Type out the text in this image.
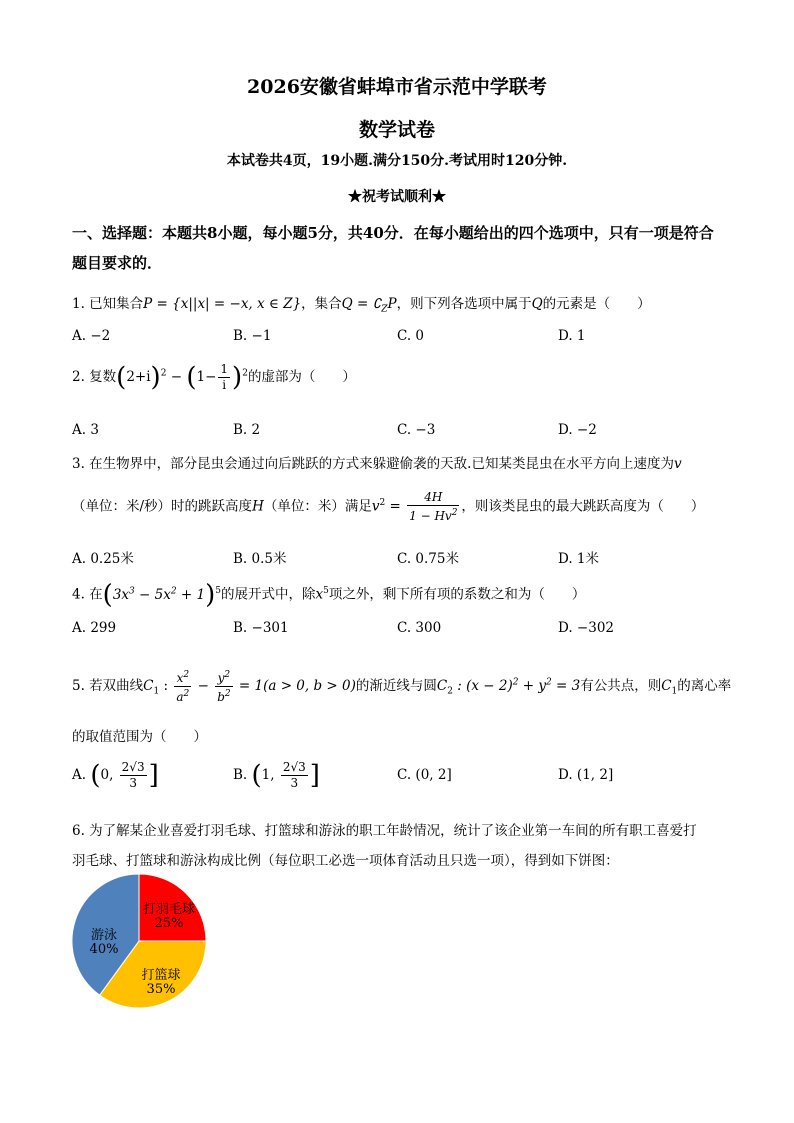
2026安徽省蚌埠市省示范中学联考
数学试卷
本试卷共4页，19小题.满分150分.考试用时120分钟.
★祝考试顺利★
一、选择题：本题共8小题，每小题5分，共40分．在每小题给出的四个选项中，只有一项是符合题目要求的．
1. 已知集合P = {x||x| = −x, x ∈ Z}，集合$Q = ∁_ZP$，则下列各选项中属于Q的元素是（　　）
A. −2	B. −1	C. 0	D. 1
2. 复数$(2+i)^2 - (1- \frac{1}{i} )^2$的虚部为（　　）
A. 3	B. 2	C. −3	D. −2
3. 在生物界中，部分昆虫会通过向后跳跃的方式来躲避偷袭的天敌.已知某类昆虫在水平方向上速度为v
（单位：米/秒）时的跳跃高度H（单位：米）满足$v^2 = \frac{4H}{1 - Hv^2}$ ，则该类昆虫的最大跳跃高度为（　　）
A. 0.25米	B. 0.5米	C. 0.75米	D. 1米
4. 在$(3x^3 - 5x^2 + 1)^5$的展开式中，除$x^5$项之外，剩下所有项的系数之和为（　　）
A. 299	B. −301	C. 300	D. −302
5. 若双曲线$C_1$ : $\frac{x^2}{a^2} - \frac{y^2}{b^2} = 1(a > 0$, b > 0)的渐近线与圆$C_2$ : $(x - 2)^2 + y^2 = 3$有公共点，则$C_1$的离心率
的取值范围为（　　）
A. (0, $\frac{2√3}{3}$ ]	B. (1, $\frac{2√3}{3}$ ]	C. (0, 2]	D. (1, 2]
6. 为了解某企业喜爱打羽毛球、打篮球和游泳的职工年龄情况，统计了该企业第一车间的所有职工喜爱打
羽毛球、打篮球和游泳构成比例（每位职工必选一项体育活动且只选一项），得到如下饼图：
打羽毛球
25%
打篮球
35%
游泳
40%
